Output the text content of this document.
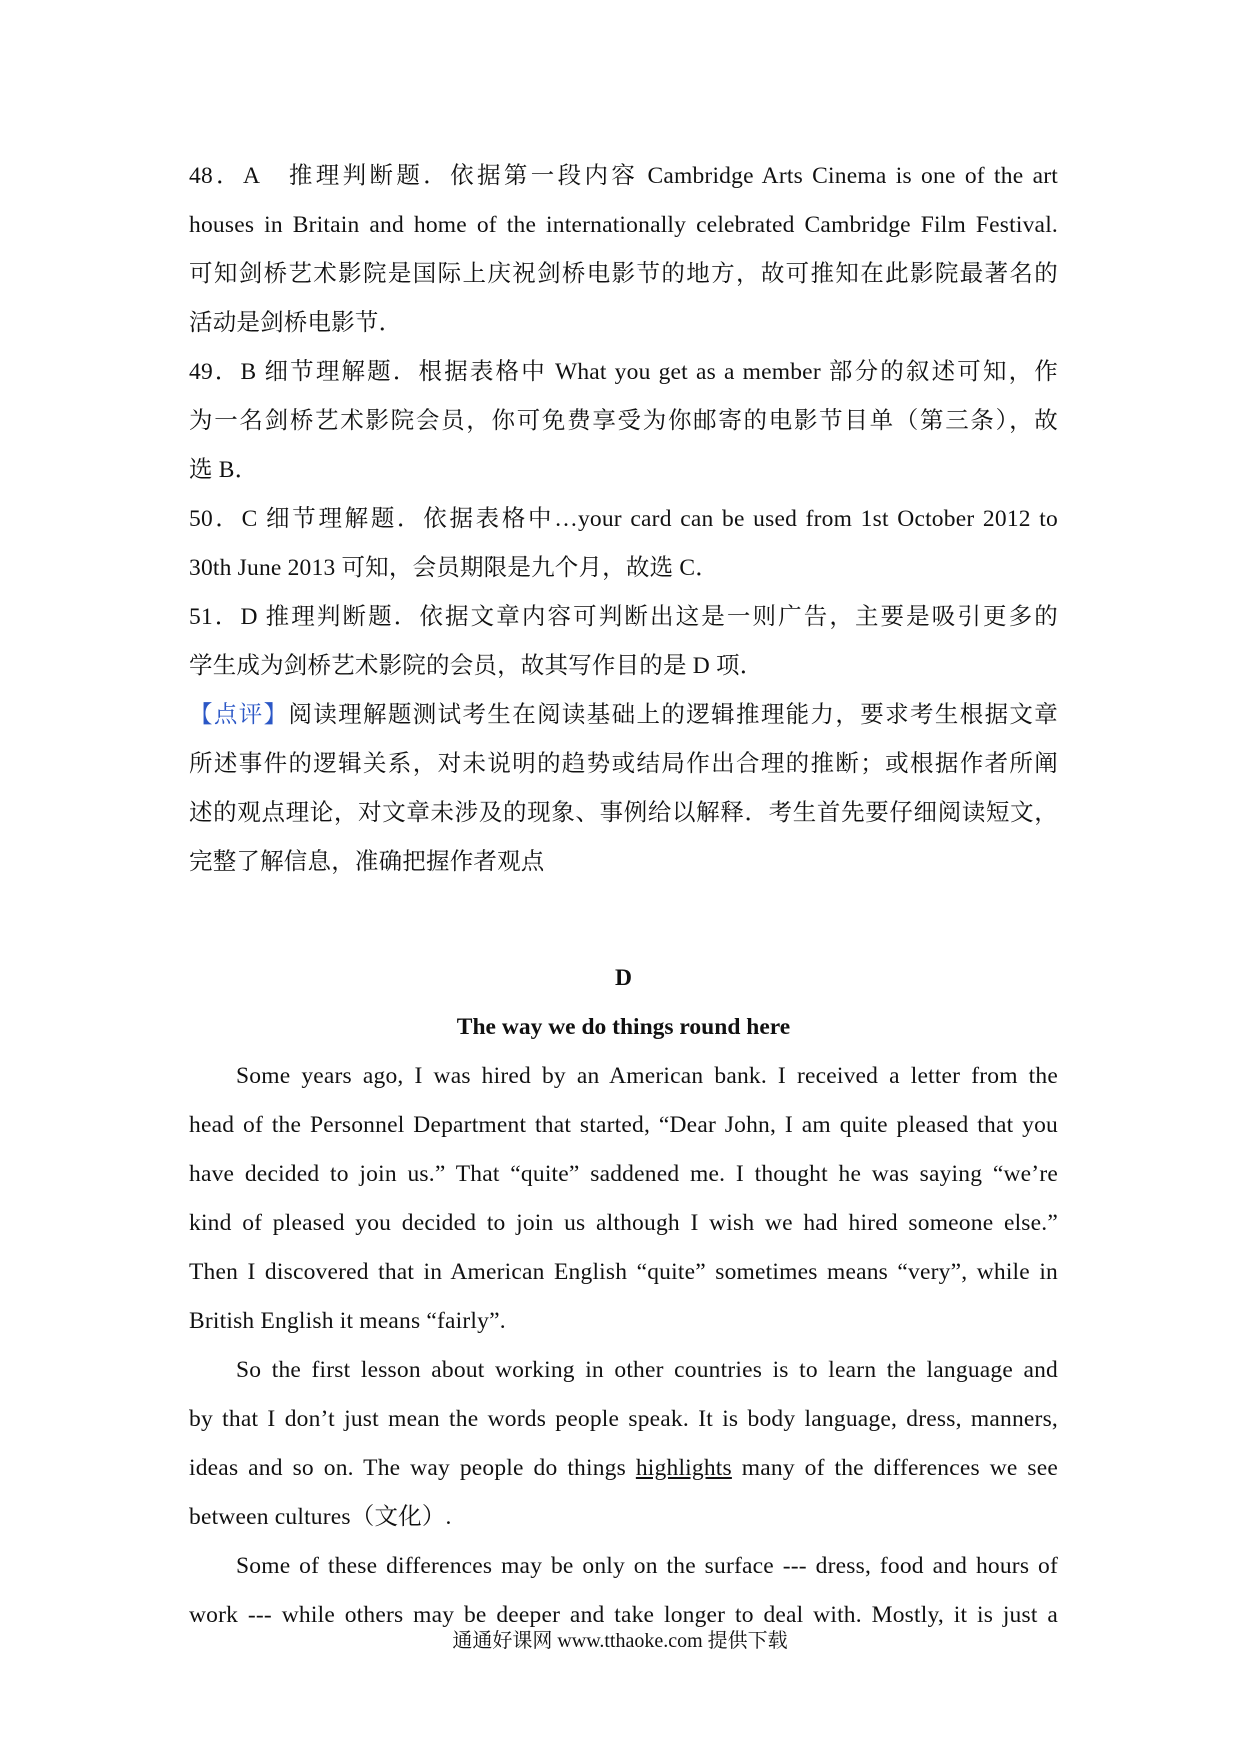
48．A　推理判断题．依据第一段内容 Cambridge Arts Cinema is one of the art
houses in Britain and home of the internationally celebrated Cambridge Film Festival.
可知剑桥艺术影院是国际上庆祝剑桥电影节的地方，故可推知在此影院最著名的
活动是剑桥电影节．
49．B 细节理解题．根据表格中 What you get as a member 部分的叙述可知，作
为一名剑桥艺术影院会员，你可免费享受为你邮寄的电影节目单（第三条），故
选 B．
50．C 细节理解题．依据表格中…your card can be used from 1st October 2012 to
30th June 2013 可知，会员期限是九个月，故选 C．
51．D 推理判断题．依据文章内容可判断出这是一则广告，主要是吸引更多的
学生成为剑桥艺术影院的会员，故其写作目的是 D 项．
【点评】阅读理解题测试考生在阅读基础上的逻辑推理能力，要求考生根据文章
所述事件的逻辑关系，对未说明的趋势或结局作出合理的推断；或根据作者所阐
述的观点理论，对文章未涉及的现象、事例给以解释．考生首先要仔细阅读短文，
完整了解信息，准确把握作者观点
D
The way we do things round here
Some years ago, I was hired by an American bank. I received a letter from the
head of the Personnel Department that started, “Dear John, I am quite pleased that you
have decided to join us.” That “quite” saddened me. I thought he was saying “we’re
kind of pleased you decided to join us although I wish we had hired someone else.”
Then I discovered that in American English “quite” sometimes means “very”, while in
British English it means “fairly”.
So the first lesson about working in other countries is to learn the language and
by that I don’t just mean the words people speak. It is body language, dress, manners,
ideas and so on. The way people do things highlights many of the differences we see
between cultures（文化）.
Some of these differences may be only on the surface --- dress, food and hours of
work --- while others may be deeper and take longer to deal with. Mostly, it is just a
通通好课网 www.tthaoke.com 提供下载
